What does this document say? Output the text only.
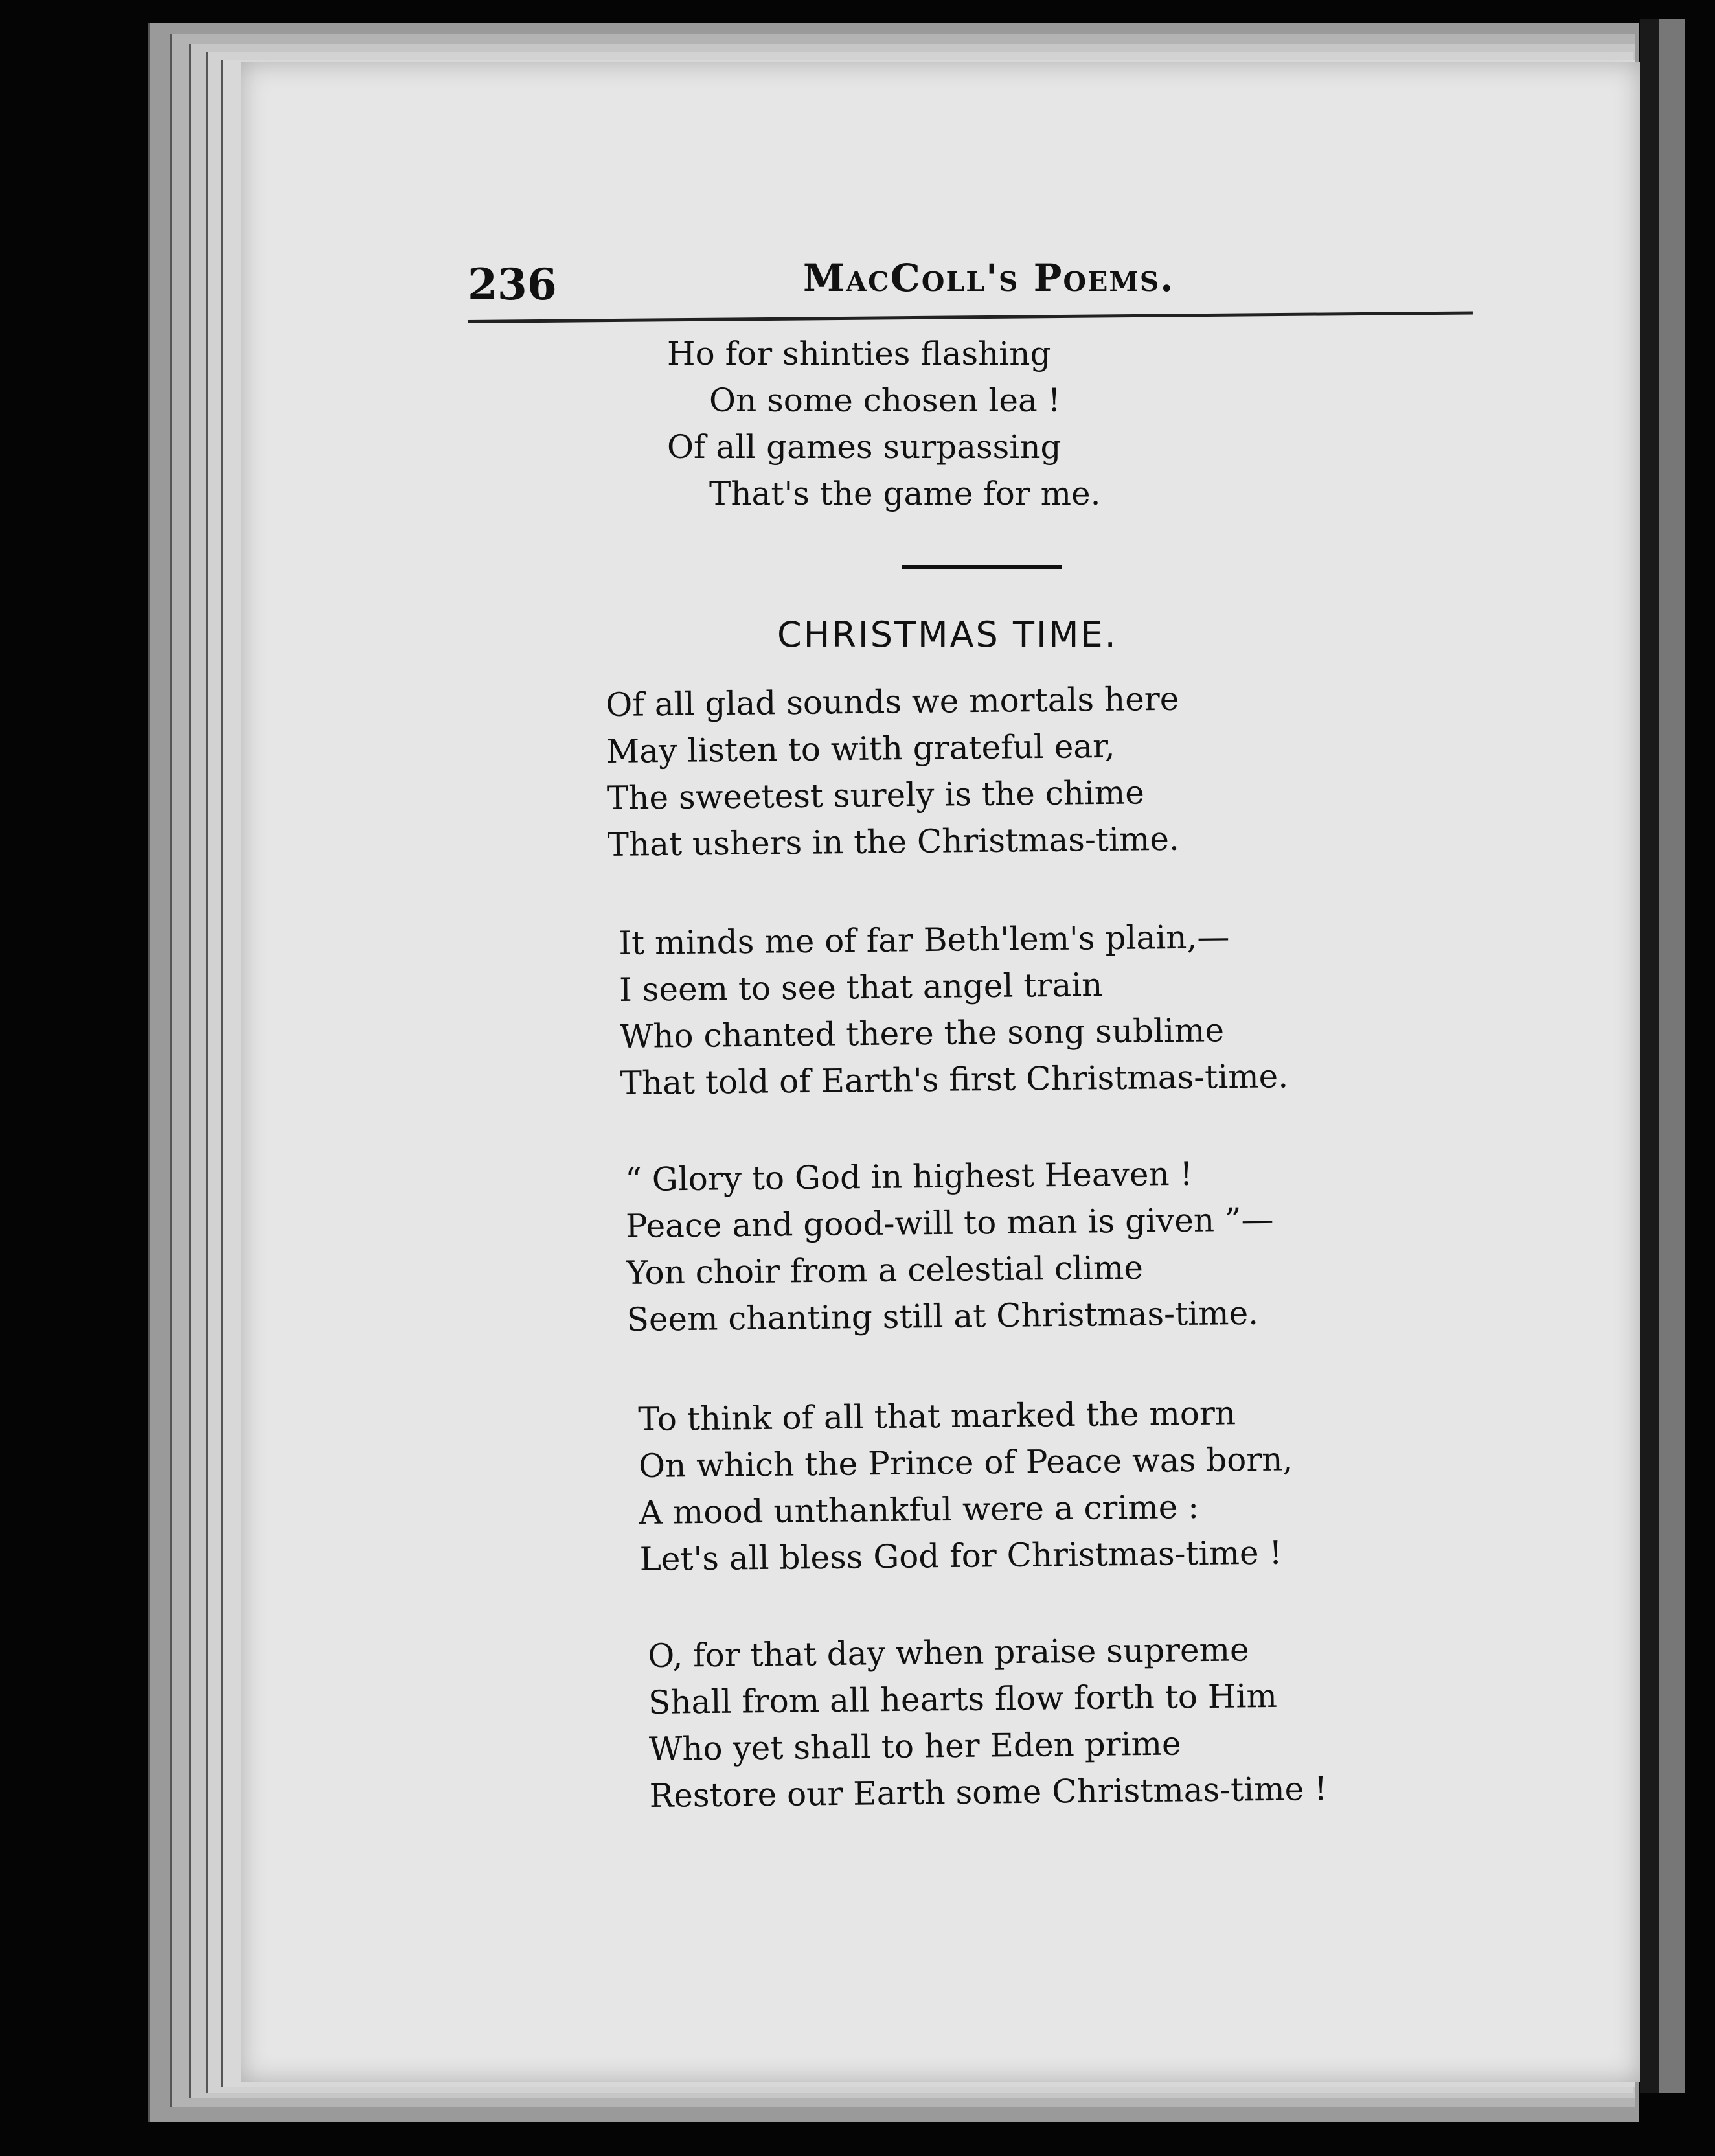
236	MacColl's Poems.
Ho for shinties flashing
On some chosen lea !
Of all games surpassing
That's the game for me.
CHRISTMAS TIME.
Of all glad sounds we mortals here
May listen to with grateful ear,
The sweetest surely is the chime
That ushers in the Christmas-time.
It minds me of far Beth'lem's plain,—
I seem to see that angel train
Who chanted there the song sublime
That told of Earth's first Christmas-time.
“ Glory to God in highest Heaven !
Peace and good-will to man is given ”—
Yon choir from a celestial clime
Seem chanting still at Christmas-time.
To think of all that marked the morn
On which the Prince of Peace was born,
A mood unthankful were a crime :
Let's all bless God for Christmas-time !
O, for that day when praise supreme
Shall from all hearts flow forth to Him
Who yet shall to her Eden prime
Restore our Earth some Christmas-time !
